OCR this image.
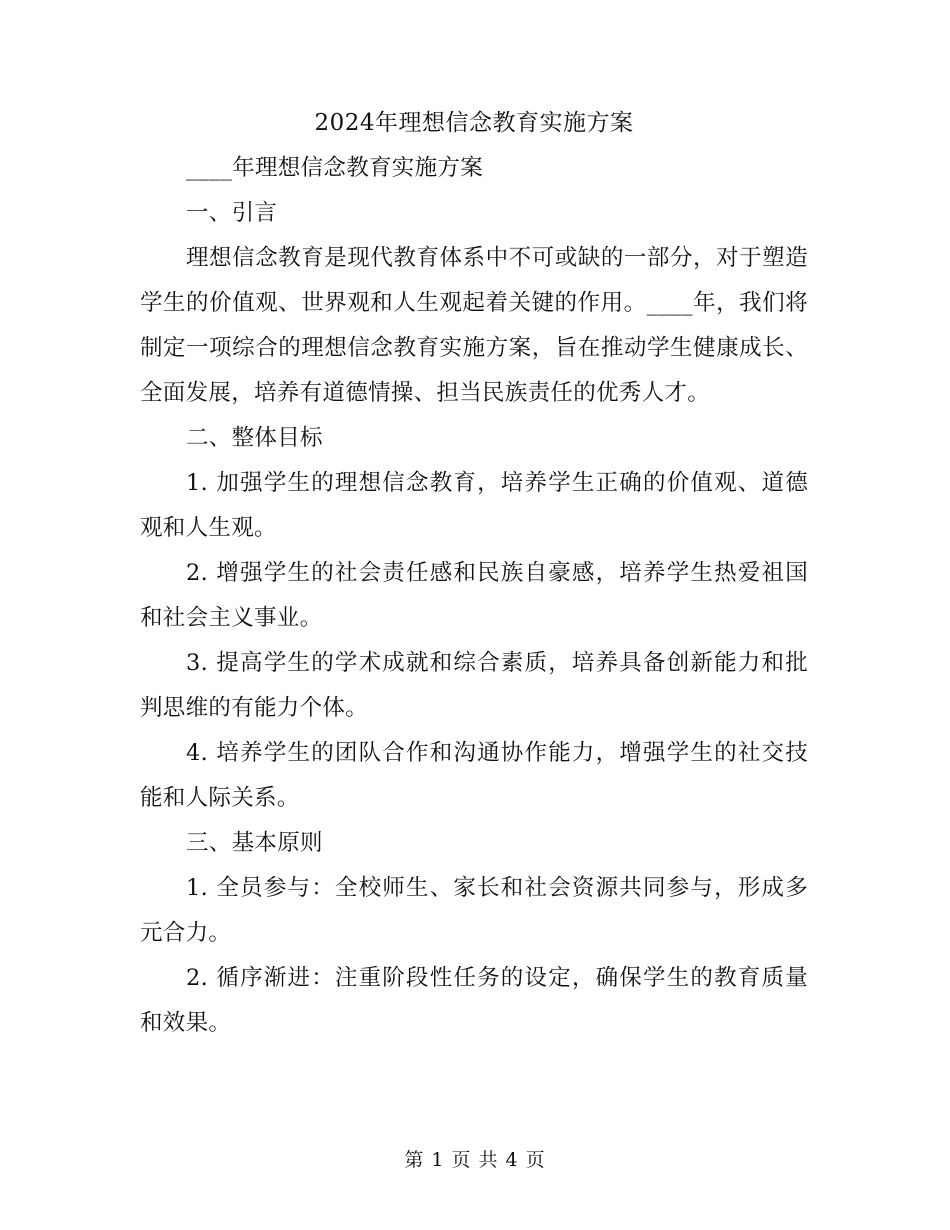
2024年理想信念教育实施方案

____年理想信念教育实施方案

一、引言

理想信念教育是现代教育体系中不可或缺的一部分，对于塑造学生的价值观、世界观和人生观起着关键的作用。____年，我们将制定一项综合的理想信念教育实施方案，旨在推动学生健康成长、全面发展，培养有道德情操、担当民族责任的优秀人才。

二、整体目标

1. 加强学生的理想信念教育，培养学生正确的价值观、道德观和人生观。

2. 增强学生的社会责任感和民族自豪感，培养学生热爱祖国和社会主义事业。

3. 提高学生的学术成就和综合素质，培养具备创新能力和批判思维的有能力个体。

4. 培养学生的团队合作和沟通协作能力，增强学生的社交技能和人际关系。

三、基本原则

1. 全员参与：全校师生、家长和社会资源共同参与，形成多元合力。

2. 循序渐进：注重阶段性任务的设定，确保学生的教育质量和效果。

第 1 页 共 4 页
